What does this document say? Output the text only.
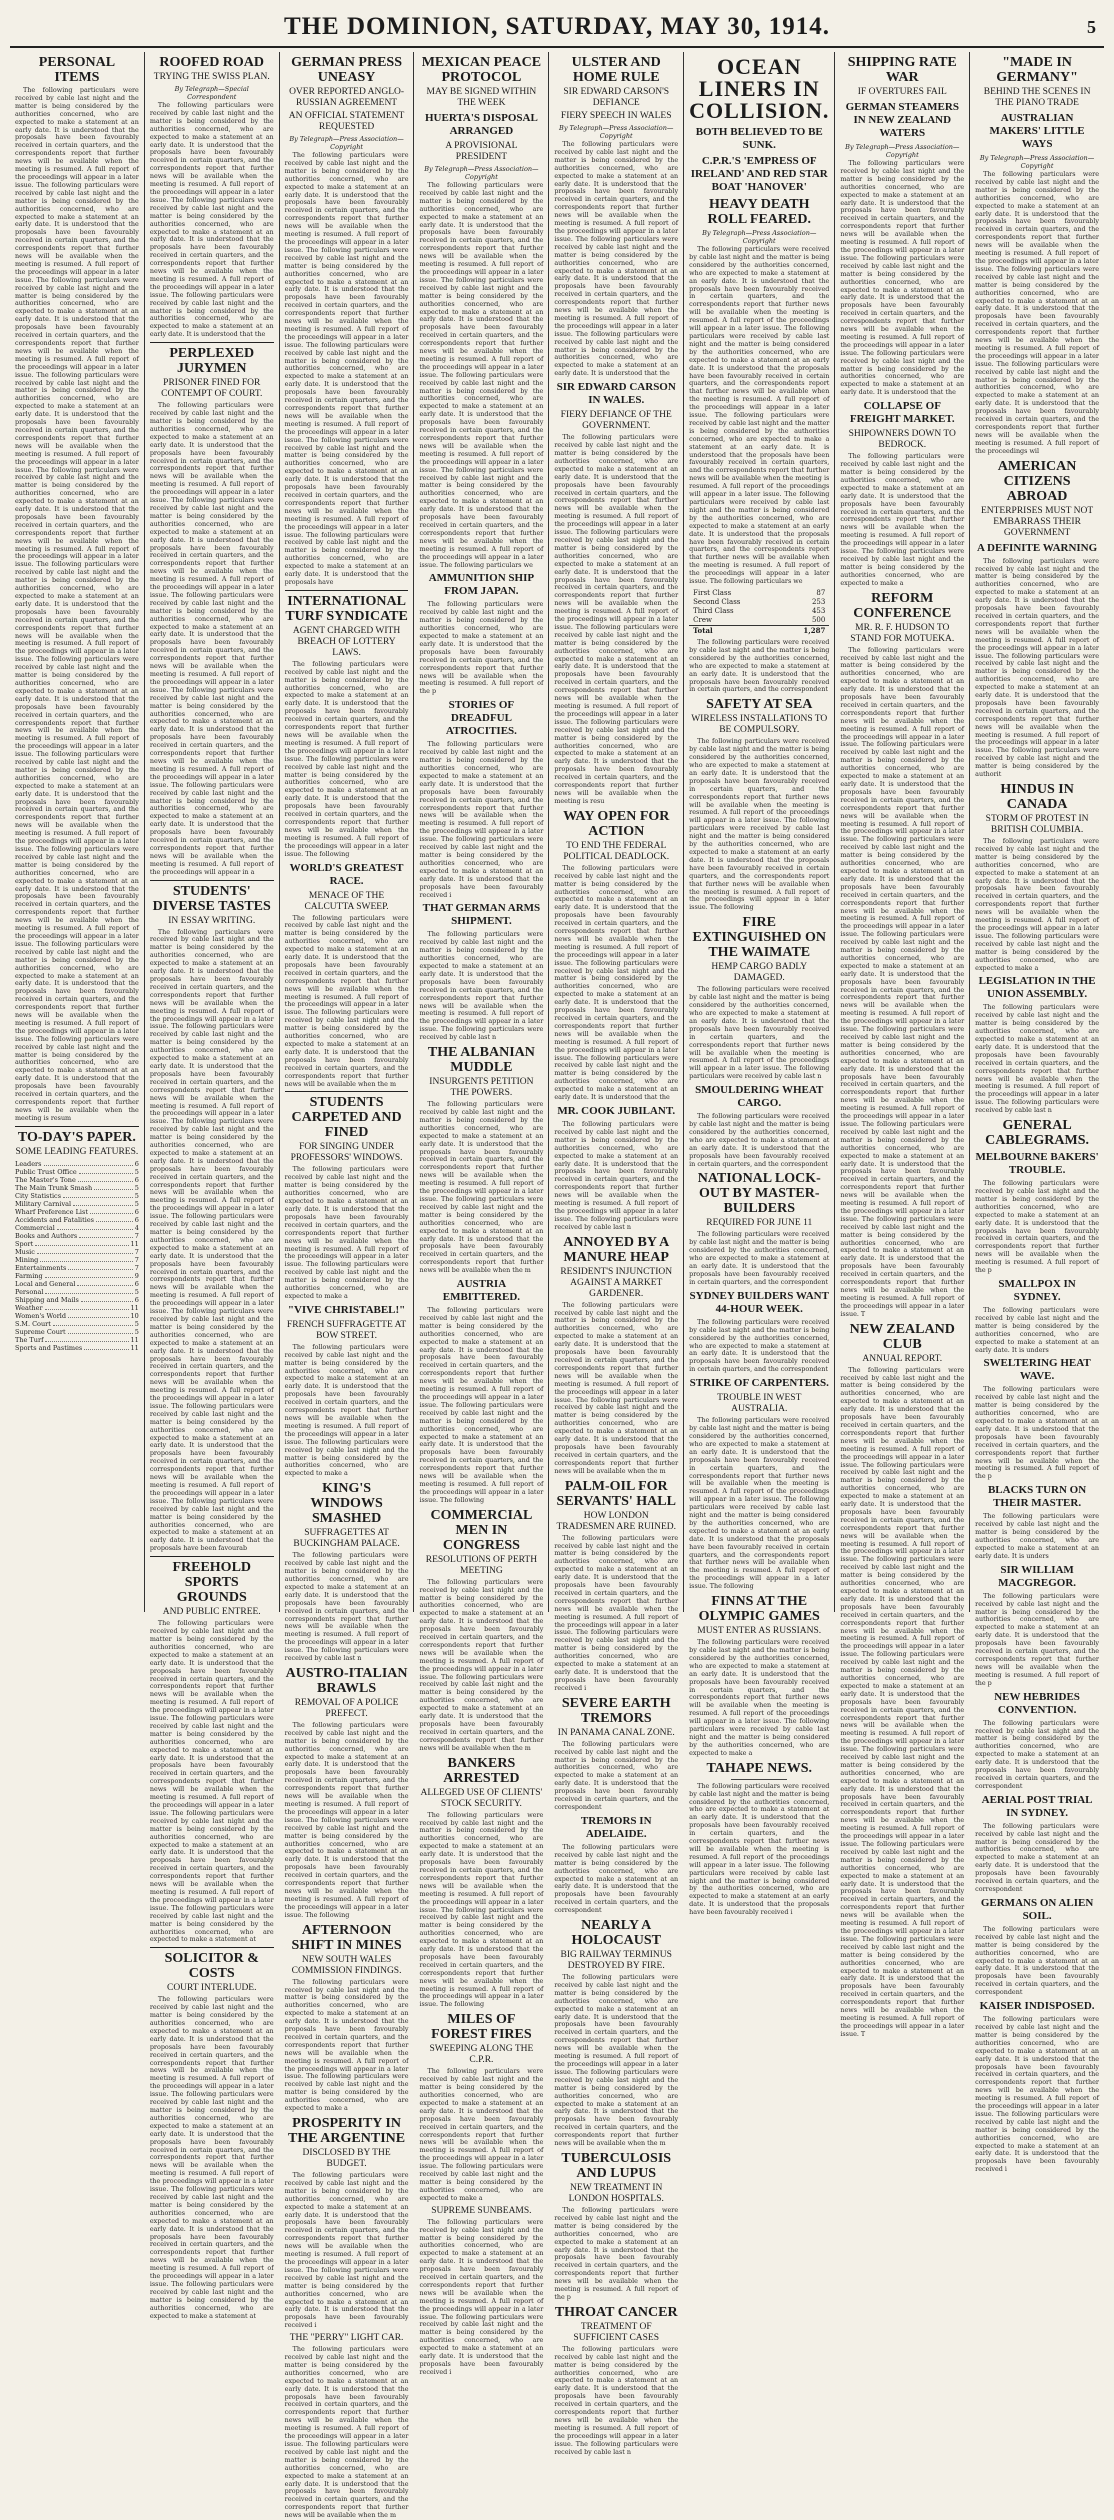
THE DOMINION, SATURDAY, MAY 30, 1914.	5
PERSONAL ITEMS

The following particulars were received by cable last night and the matter is being considered by the authorities concerned, who are expected to make a statement at an early date. It is understood that the proposals have been favourably received in certain quarters, and the correspondents report that further news will be available when the meeting is resumed. A full report of the proceedings will appear in a later issue. The following particulars were received by cable last night and the matter is being considered by the authorities concerned, who are expected to make a statement at an early date. It is understood that the proposals have been favourably received in certain quarters, and the correspondents report that further news will be available when the meeting is resumed. A full report of the proceedings will appear in a later issue. The following particulars were received by cable last night and the matter is being considered by the authorities concerned, who are expected to make a statement at an early date. It is understood that the proposals have been favourably received in certain quarters, and the correspondents report that further news will be available when the meeting is resumed. A full report of the proceedings will appear in a later issue. The following particulars were received by cable last night and the matter is being considered by the authorities concerned, who are expected to make a statement at an early date. It is understood that the proposals have been favourably received in certain quarters, and the correspondents report that further news will be available when the meeting is resumed. A full report of the proceedings will appear in a later issue. The following particulars were received by cable last night and the matter is being considered by the authorities concerned, who are expected to make a statement at an early date. It is understood that the proposals have been favourably received in certain quarters, and the correspondents report that further news will be available when the meeting is resumed. A full report of the proceedings will appear in a later issue. The following particulars were received by cable last night and the matter is being considered by the authorities concerned, who are expected to make a statement at an early date. It is understood that the proposals have been favourably received in certain quarters, and the correspondents report that further news will be available when the meeting is resumed. A full report of the proceedings will appear in a later issue. The following particulars were received by cable last night and the matter is being considered by the authorities concerned, who are expected to make a statement at an early date. It is understood that the proposals have been favourably received in certain quarters, and the correspondents report that further news will be available when the meeting is resumed. A full report of the proceedings will appear in a later issue. The following particulars were received by cable last night and the matter is being considered by the authorities concerned, who are expected to make a statement at an early date. It is understood that the proposals have been favourably received in certain quarters, and the correspondents report that further news will be available when the meeting is resumed. A full report of the proceedings will appear in a later issue. The following particulars were received by cable last night and the matter is being considered by the authorities concerned, who are expected to make a statement at an early date. It is understood that the proposals have been favourably received in certain quarters, and the correspondents report that further news will be available when the meeting is resumed. A full report of the proceedings will appear in a later issue. The following particulars were received by cable last night and the matter is being considered by the authorities concerned, who are expected to make a statement at an early date. It is understood that the proposals have been favourably received in certain quarters, and the correspondents report that further news will be available when the meeting is resumed. A full report of the proceedings will appear in a later issue. The following particulars were received by cable last night and the matter is being considered by the authorities concerned, who are expected to make a statement at an early date. It is understood that the proposals have been favourably received in certain quarters, and the correspondents report that further news will be available when the meeting is resum

TO-DAY'S PAPER.
SOME LEADING FEATURES.
Leaders	6
Public Trust Office	5
The Master's Tone	6
The Main Trunk Smash	5
City Statistics	5
Military Carnival	5
Wharf Preference List	6
Accidents and Fatalities	6
Commercial	4
Books and Authors	7
Sport	11
Music	7
Mining	7
Entertainments	7
Farming	9
Local and General	6
Personal	5
Shipping and Mails	6
Weather	11
Women's World	10
S.M. Court	5
Supreme Court	5
The Turf	11
Sports and Pastimes	11
ROOFED ROAD
TRYING THE SWISS PLAN.
By Telegraph—Special Correspondent

The following particulars were received by cable last night and the matter is being considered by the authorities concerned, who are expected to make a statement at an early date. It is understood that the proposals have been favourably received in certain quarters, and the correspondents report that further news will be available when the meeting is resumed. A full report of the proceedings will appear in a later issue. The following particulars were received by cable last night and the matter is being considered by the authorities concerned, who are expected to make a statement at an early date. It is understood that the proposals have been favourably received in certain quarters, and the correspondents report that further news will be available when the meeting is resumed. A full report of the proceedings will appear in a later issue. The following particulars were received by cable last night and the matter is being considered by the authorities concerned, who are expected to make a statement at an early date. It is understood that the

PERPLEXED JURYMEN
PRISONER FINED FOR CONTEMPT OF COURT.

The following particulars were received by cable last night and the matter is being considered by the authorities concerned, who are expected to make a statement at an early date. It is understood that the proposals have been favourably received in certain quarters, and the correspondents report that further news will be available when the meeting is resumed. A full report of the proceedings will appear in a later issue. The following particulars were received by cable last night and the matter is being considered by the authorities concerned, who are expected to make a statement at an early date. It is understood that the proposals have been favourably received in certain quarters, and the correspondents report that further news will be available when the meeting is resumed. A full report of the proceedings will appear in a later issue. The following particulars were received by cable last night and the matter is being considered by the authorities concerned, who are expected to make a statement at an early date. It is understood that the proposals have been favourably received in certain quarters, and the correspondents report that further news will be available when the meeting is resumed. A full report of the proceedings will appear in a later issue. The following particulars were received by cable last night and the matter is being considered by the authorities concerned, who are expected to make a statement at an early date. It is understood that the proposals have been favourably received in certain quarters, and the correspondents report that further news will be available when the meeting is resumed. A full report of the proceedings will appear in a later issue. The following particulars were received by cable last night and the matter is being considered by the authorities concerned, who are expected to make a statement at an early date. It is understood that the proposals have been favourably received in certain quarters, and the correspondents report that further news will be available when the meeting is resumed. A full report of the proceedings will appear in a

STUDENTS' DIVERSE TASTES
IN ESSAY WRITING.

The following particulars were received by cable last night and the matter is being considered by the authorities concerned, who are expected to make a statement at an early date. It is understood that the proposals have been favourably received in certain quarters, and the correspondents report that further news will be available when the meeting is resumed. A full report of the proceedings will appear in a later issue. The following particulars were received by cable last night and the matter is being considered by the authorities concerned, who are expected to make a statement at an early date. It is understood that the proposals have been favourably received in certain quarters, and the correspondents report that further news will be available when the meeting is resumed. A full report of the proceedings will appear in a later issue. The following particulars were received by cable last night and the matter is being considered by the authorities concerned, who are expected to make a statement at an early date. It is understood that the proposals have been favourably received in certain quarters, and the correspondents report that further news will be available when the meeting is resumed. A full report of the proceedings will appear in a later issue. The following particulars were received by cable last night and the matter is being considered by the authorities concerned, who are expected to make a statement at an early date. It is understood that the proposals have been favourably received in certain quarters, and the correspondents report that further news will be available when the meeting is resumed. A full report of the proceedings will appear in a later issue. The following particulars were received by cable last night and the matter is being considered by the authorities concerned, who are expected to make a statement at an early date. It is understood that the proposals have been favourably received in certain quarters, and the correspondents report that further news will be available when the meeting is resumed. A full report of the proceedings will appear in a later issue. The following particulars were received by cable last night and the matter is being considered by the authorities concerned, who are expected to make a statement at an early date. It is understood that the proposals have been favourably received in certain quarters, and the correspondents report that further news will be available when the meeting is resumed. A full report of the proceedings will appear in a later issue. The following particulars were received by cable last night and the matter is being considered by the authorities concerned, who are expected to make a statement at an early date. It is understood that the proposals have been favourab

FREEHOLD SPORTS GROUNDS
AND PUBLIC ENTREE.

The following particulars were received by cable last night and the matter is being considered by the authorities concerned, who are expected to make a statement at an early date. It is understood that the proposals have been favourably received in certain quarters, and the correspondents report that further news will be available when the meeting is resumed. A full report of the proceedings will appear in a later issue. The following particulars were received by cable last night and the matter is being considered by the authorities concerned, who are expected to make a statement at an early date. It is understood that the proposals have been favourably received in certain quarters, and the correspondents report that further news will be available when the meeting is resumed. A full report of the proceedings will appear in a later issue. The following particulars were received by cable last night and the matter is being considered by the authorities concerned, who are expected to make a statement at an early date. It is understood that the proposals have been favourably received in certain quarters, and the correspondents report that further news will be available when the meeting is resumed. A full report of the proceedings will appear in a later issue. The following particulars were received by cable last night and the matter is being considered by the authorities concerned, who are expected to make a statement at

SOLICITOR & COSTS
COURT INTERLUDE.

The following particulars were received by cable last night and the matter is being considered by the authorities concerned, who are expected to make a statement at an early date. It is understood that the proposals have been favourably received in certain quarters, and the correspondents report that further news will be available when the meeting is resumed. A full report of the proceedings will appear in a later issue. The following particulars were received by cable last night and the matter is being considered by the authorities concerned, who are expected to make a statement at an early date. It is understood that the proposals have been favourably received in certain quarters, and the correspondents report that further news will be available when the meeting is resumed. A full report of the proceedings will appear in a later issue. The following particulars were received by cable last night and the matter is being considered by the authorities concerned, who are expected to make a statement at an early date. It is understood that the proposals have been favourably received in certain quarters, and the correspondents report that further news will be available when the meeting is resumed. A full report of the proceedings will appear in a later issue. The following particulars were received by cable last night and the matter is being considered by the authorities concerned, who are expected to make a statement at

GERMAN PRESS UNEASY
OVER REPORTED ANGLO-RUSSIAN AGREEMENT
AN OFFICIAL STATEMENT REQUESTED
By Telegraph—Press Association—Copyright

The following particulars were received by cable last night and the matter is being considered by the authorities concerned, who are expected to make a statement at an early date. It is understood that the proposals have been favourably received in certain quarters, and the correspondents report that further news will be available when the meeting is resumed. A full report of the proceedings will appear in a later issue. The following particulars were received by cable last night and the matter is being considered by the authorities concerned, who are expected to make a statement at an early date. It is understood that the proposals have been favourably received in certain quarters, and the correspondents report that further news will be available when the meeting is resumed. A full report of the proceedings will appear in a later issue. The following particulars were received by cable last night and the matter is being considered by the authorities concerned, who are expected to make a statement at an early date. It is understood that the proposals have been favourably received in certain quarters, and the correspondents report that further news will be available when the meeting is resumed. A full report of the proceedings will appear in a later issue. The following particulars were received by cable last night and the matter is being considered by the authorities concerned, who are expected to make a statement at an early date. It is understood that the proposals have been favourably received in certain quarters, and the correspondents report that further news will be available when the meeting is resumed. A full report of the proceedings will appear in a later issue. The following particulars were received by cable last night and the matter is being considered by the authorities concerned, who are expected to make a statement at an early date. It is understood that the proposals have

INTERNATIONAL TURF SYNDICATE
AGENT CHARGED WITH BREACH OF LOTTERY LAWS.

The following particulars were received by cable last night and the matter is being considered by the authorities concerned, who are expected to make a statement at an early date. It is understood that the proposals have been favourably received in certain quarters, and the correspondents report that further news will be available when the meeting is resumed. A full report of the proceedings will appear in a later issue. The following particulars were received by cable last night and the matter is being considered by the authorities concerned, who are expected to make a statement at an early date. It is understood that the proposals have been favourably received in certain quarters, and the correspondents report that further news will be available when the meeting is resumed. A full report of the proceedings will appear in a later issue. The following

WORLD'S GREATEST RACE.
MENACE OF THE CALCUTTA SWEEP.

The following particulars were received by cable last night and the matter is being considered by the authorities concerned, who are expected to make a statement at an early date. It is understood that the proposals have been favourably received in certain quarters, and the correspondents report that further news will be available when the meeting is resumed. A full report of the proceedings will appear in a later issue. The following particulars were received by cable last night and the matter is being considered by the authorities concerned, who are expected to make a statement at an early date. It is understood that the proposals have been favourably received in certain quarters, and the correspondents report that further news will be available when the m

STUDENTS CARPETED AND FINED
FOR SINGING UNDER PROFESSORS' WINDOWS.

The following particulars were received by cable last night and the matter is being considered by the authorities concerned, who are expected to make a statement at an early date. It is understood that the proposals have been favourably received in certain quarters, and the correspondents report that further news will be available when the meeting is resumed. A full report of the proceedings will appear in a later issue. The following particulars were received by cable last night and the matter is being considered by the authorities concerned, who are expected to make a

"VIVE CHRISTABEL!"
FRENCH SUFFRAGETTE AT BOW STREET.

The following particulars were received by cable last night and the matter is being considered by the authorities concerned, who are expected to make a statement at an early date. It is understood that the proposals have been favourably received in certain quarters, and the correspondents report that further news will be available when the meeting is resumed. A full report of the proceedings will appear in a later issue. The following particulars were received by cable last night and the matter is being considered by the authorities concerned, who are expected to make a

KING'S WINDOWS SMASHED
SUFFRAGETTES AT BUCKINGHAM PALACE.

The following particulars were received by cable last night and the matter is being considered by the authorities concerned, who are expected to make a statement at an early date. It is understood that the proposals have been favourably received in certain quarters, and the correspondents report that further news will be available when the meeting is resumed. A full report of the proceedings will appear in a later issue. The following particulars were received by cable last n

AUSTRO-ITALIAN BRAWLS
REMOVAL OF A POLICE PREFECT.

The following particulars were received by cable last night and the matter is being considered by the authorities concerned, who are expected to make a statement at an early date. It is understood that the proposals have been favourably received in certain quarters, and the correspondents report that further news will be available when the meeting is resumed. A full report of the proceedings will appear in a later issue. The following particulars were received by cable last night and the matter is being considered by the authorities concerned, who are expected to make a statement at an early date. It is understood that the proposals have been favourably received in certain quarters, and the correspondents report that further news will be available when the meeting is resumed. A full report of the proceedings will appear in a later issue. The following

AFTERNOON SHIFT IN MINES
NEW SOUTH WALES COMMISSION FINDINGS.

The following particulars were received by cable last night and the matter is being considered by the authorities concerned, who are expected to make a statement at an early date. It is understood that the proposals have been favourably received in certain quarters, and the correspondents report that further news will be available when the meeting is resumed. A full report of the proceedings will appear in a later issue. The following particulars were received by cable last night and the matter is being considered by the authorities concerned, who are expected to make a

PROSPERITY IN THE ARGENTINE
DISCLOSED BY THE BUDGET.

The following particulars were received by cable last night and the matter is being considered by the authorities concerned, who are expected to make a statement at an early date. It is understood that the proposals have been favourably received in certain quarters, and the correspondents report that further news will be available when the meeting is resumed. A full report of the proceedings will appear in a later issue. The following particulars were received by cable last night and the matter is being considered by the authorities concerned, who are expected to make a statement at an early date. It is understood that the proposals have been favourably received i

THE "PERRY" LIGHT CAR.

The following particulars were received by cable last night and the matter is being considered by the authorities concerned, who are expected to make a statement at an early date. It is understood that the proposals have been favourably received in certain quarters, and the correspondents report that further news will be available when the meeting is resumed. A full report of the proceedings will appear in a later issue. The following particulars were received by cable last night and the matter is being considered by the authorities concerned, who are expected to make a statement at an early date. It is understood that the proposals have been favourably received in certain quarters, and the correspondents report that further news will be available when the m

MEXICAN PEACE PROTOCOL
MAY BE SIGNED WITHIN THE WEEK
HUERTA'S DISPOSAL ARRANGED
A PROVISIONAL PRESIDENT
By Telegraph—Press Association—Copyright

The following particulars were received by cable last night and the matter is being considered by the authorities concerned, who are expected to make a statement at an early date. It is understood that the proposals have been favourably received in certain quarters, and the correspondents report that further news will be available when the meeting is resumed. A full report of the proceedings will appear in a later issue. The following particulars were received by cable last night and the matter is being considered by the authorities concerned, who are expected to make a statement at an early date. It is understood that the proposals have been favourably received in certain quarters, and the correspondents report that further news will be available when the meeting is resumed. A full report of the proceedings will appear in a later issue. The following particulars were received by cable last night and the matter is being considered by the authorities concerned, who are expected to make a statement at an early date. It is understood that the proposals have been favourably received in certain quarters, and the correspondents report that further news will be available when the meeting is resumed. A full report of the proceedings will appear in a later issue. The following particulars were received by cable last night and the matter is being considered by the authorities concerned, who are expected to make a statement at an early date. It is understood that the proposals have been favourably received in certain quarters, and the correspondents report that further news will be available when the meeting is resumed. A full report of the proceedings will appear in a later issue. The following particulars we

AMMUNITION SHIP FROM JAPAN.

The following particulars were received by cable last night and the matter is being considered by the authorities concerned, who are expected to make a statement at an early date. It is understood that the proposals have been favourably received in certain quarters, and the correspondents report that further news will be available when the meeting is resumed. A full report of the p

STORIES OF DREADFUL ATROCITIES.

The following particulars were received by cable last night and the matter is being considered by the authorities concerned, who are expected to make a statement at an early date. It is understood that the proposals have been favourably received in certain quarters, and the correspondents report that further news will be available when the meeting is resumed. A full report of the proceedings will appear in a later issue. The following particulars were received by cable last night and the matter is being considered by the authorities concerned, who are expected to make a statement at an early date. It is understood that the proposals have been favourably received i

THAT GERMAN ARMS SHIPMENT.

The following particulars were received by cable last night and the matter is being considered by the authorities concerned, who are expected to make a statement at an early date. It is understood that the proposals have been favourably received in certain quarters, and the correspondents report that further news will be available when the meeting is resumed. A full report of the proceedings will appear in a later issue. The following particulars were received by cable last n

THE ALBANIAN MUDDLE
INSURGENTS PETITION THE POWERS.

The following particulars were received by cable last night and the matter is being considered by the authorities concerned, who are expected to make a statement at an early date. It is understood that the proposals have been favourably received in certain quarters, and the correspondents report that further news will be available when the meeting is resumed. A full report of the proceedings will appear in a later issue. The following particulars were received by cable last night and the matter is being considered by the authorities concerned, who are expected to make a statement at an early date. It is understood that the proposals have been favourably received in certain quarters, and the correspondents report that further news will be available when the m

AUSTRIA EMBITTERED.

The following particulars were received by cable last night and the matter is being considered by the authorities concerned, who are expected to make a statement at an early date. It is understood that the proposals have been favourably received in certain quarters, and the correspondents report that further news will be available when the meeting is resumed. A full report of the proceedings will appear in a later issue. The following particulars were received by cable last night and the matter is being considered by the authorities concerned, who are expected to make a statement at an early date. It is understood that the proposals have been favourably received in certain quarters, and the correspondents report that further news will be available when the meeting is resumed. A full report of the proceedings will appear in a later issue. The following

COMMERCIAL MEN IN CONGRESS
RESOLUTIONS OF PERTH MEETING

The following particulars were received by cable last night and the matter is being considered by the authorities concerned, who are expected to make a statement at an early date. It is understood that the proposals have been favourably received in certain quarters, and the correspondents report that further news will be available when the meeting is resumed. A full report of the proceedings will appear in a later issue. The following particulars were received by cable last night and the matter is being considered by the authorities concerned, who are expected to make a statement at an early date. It is understood that the proposals have been favourably received in certain quarters, and the correspondents report that further news will be available when the m

BANKERS ARRESTED
ALLEGED USE OF CLIENTS' STOCK SECURITY.

The following particulars were received by cable last night and the matter is being considered by the authorities concerned, who are expected to make a statement at an early date. It is understood that the proposals have been favourably received in certain quarters, and the correspondents report that further news will be available when the meeting is resumed. A full report of the proceedings will appear in a later issue. The following particulars were received by cable last night and the matter is being considered by the authorities concerned, who are expected to make a statement at an early date. It is understood that the proposals have been favourably received in certain quarters, and the correspondents report that further news will be available when the meeting is resumed. A full report of the proceedings will appear in a later issue. The following

MILES OF FOREST FIRES
SWEEPING ALONG THE C.P.R.

The following particulars were received by cable last night and the matter is being considered by the authorities concerned, who are expected to make a statement at an early date. It is understood that the proposals have been favourably received in certain quarters, and the correspondents report that further news will be available when the meeting is resumed. A full report of the proceedings will appear in a later issue. The following particulars were received by cable last night and the matter is being considered by the authorities concerned, who are expected to make a

SUPREME SUNBEAMS.

The following particulars were received by cable last night and the matter is being considered by the authorities concerned, who are expected to make a statement at an early date. It is understood that the proposals have been favourably received in certain quarters, and the correspondents report that further news will be available when the meeting is resumed. A full report of the proceedings will appear in a later issue. The following particulars were received by cable last night and the matter is being considered by the authorities concerned, who are expected to make a statement at an early date. It is understood that the proposals have been favourably received i

ULSTER AND HOME RULE
SIR EDWARD CARSON'S DEFIANCE
FIERY SPEECH IN WALES
By Telegraph—Press Association—Copyright

The following particulars were received by cable last night and the matter is being considered by the authorities concerned, who are expected to make a statement at an early date. It is understood that the proposals have been favourably received in certain quarters, and the correspondents report that further news will be available when the meeting is resumed. A full report of the proceedings will appear in a later issue. The following particulars were received by cable last night and the matter is being considered by the authorities concerned, who are expected to make a statement at an early date. It is understood that the proposals have been favourably received in certain quarters, and the correspondents report that further news will be available when the meeting is resumed. A full report of the proceedings will appear in a later issue. The following particulars were received by cable last night and the matter is being considered by the authorities concerned, who are expected to make a statement at an early date. It is understood that the

SIR EDWARD CARSON IN WALES.
FIERY DEFIANCE OF THE GOVERNMENT.

The following particulars were received by cable last night and the matter is being considered by the authorities concerned, who are expected to make a statement at an early date. It is understood that the proposals have been favourably received in certain quarters, and the correspondents report that further news will be available when the meeting is resumed. A full report of the proceedings will appear in a later issue. The following particulars were received by cable last night and the matter is being considered by the authorities concerned, who are expected to make a statement at an early date. It is understood that the proposals have been favourably received in certain quarters, and the correspondents report that further news will be available when the meeting is resumed. A full report of the proceedings will appear in a later issue. The following particulars were received by cable last night and the matter is being considered by the authorities concerned, who are expected to make a statement at an early date. It is understood that the proposals have been favourably received in certain quarters, and the correspondents report that further news will be available when the meeting is resumed. A full report of the proceedings will appear in a later issue. The following particulars were received by cable last night and the matter is being considered by the authorities concerned, who are expected to make a statement at an early date. It is understood that the proposals have been favourably received in certain quarters, and the correspondents report that further news will be available when the meeting is resu

WAY OPEN FOR ACTION
TO END THE FEDERAL POLITICAL DEADLOCK.

The following particulars were received by cable last night and the matter is being considered by the authorities concerned, who are expected to make a statement at an early date. It is understood that the proposals have been favourably received in certain quarters, and the correspondents report that further news will be available when the meeting is resumed. A full report of the proceedings will appear in a later issue. The following particulars were received by cable last night and the matter is being considered by the authorities concerned, who are expected to make a statement at an early date. It is understood that the proposals have been favourably received in certain quarters, and the correspondents report that further news will be available when the meeting is resumed. A full report of the proceedings will appear in a later issue. The following particulars were received by cable last night and the matter is being considered by the authorities concerned, who are expected to make a statement at an early date. It is understood that the

MR. COOK JUBILANT.

The following particulars were received by cable last night and the matter is being considered by the authorities concerned, who are expected to make a statement at an early date. It is understood that the proposals have been favourably received in certain quarters, and the correspondents report that further news will be available when the meeting is resumed. A full report of the proceedings will appear in a later issue. The following particulars were received by cable last n

ANNOYED BY A MANURE HEAP
RESIDENT'S INJUNCTION AGAINST A MARKET GARDENER.

The following particulars were received by cable last night and the matter is being considered by the authorities concerned, who are expected to make a statement at an early date. It is understood that the proposals have been favourably received in certain quarters, and the correspondents report that further news will be available when the meeting is resumed. A full report of the proceedings will appear in a later issue. The following particulars were received by cable last night and the matter is being considered by the authorities concerned, who are expected to make a statement at an early date. It is understood that the proposals have been favourably received in certain quarters, and the correspondents report that further news will be available when the m

PALM-OIL FOR SERVANTS' HALL
HOW LONDON TRADESMEN ARE RUINED.

The following particulars were received by cable last night and the matter is being considered by the authorities concerned, who are expected to make a statement at an early date. It is understood that the proposals have been favourably received in certain quarters, and the correspondents report that further news will be available when the meeting is resumed. A full report of the proceedings will appear in a later issue. The following particulars were received by cable last night and the matter is being considered by the authorities concerned, who are expected to make a statement at an early date. It is understood that the proposals have been favourably received i

SEVERE EARTH TREMORS
IN PANAMA CANAL ZONE.

The following particulars were received by cable last night and the matter is being considered by the authorities concerned, who are expected to make a statement at an early date. It is understood that the proposals have been favourably received in certain quarters, and the correspondent

TREMORS IN ADELAIDE.

The following particulars were received by cable last night and the matter is being considered by the authorities concerned, who are expected to make a statement at an early date. It is understood that the proposals have been favourably received in certain quarters, and the correspondent

NEARLY A HOLOCAUST
BIG RAILWAY TERMINUS DESTROYED BY FIRE.

The following particulars were received by cable last night and the matter is being considered by the authorities concerned, who are expected to make a statement at an early date. It is understood that the proposals have been favourably received in certain quarters, and the correspondents report that further news will be available when the meeting is resumed. A full report of the proceedings will appear in a later issue. The following particulars were received by cable last night and the matter is being considered by the authorities concerned, who are expected to make a statement at an early date. It is understood that the proposals have been favourably received in certain quarters, and the correspondents report that further news will be available when the m

TUBERCULOSIS AND LUPUS
NEW TREATMENT IN LONDON HOSPITALS.

The following particulars were received by cable last night and the matter is being considered by the authorities concerned, who are expected to make a statement at an early date. It is understood that the proposals have been favourably received in certain quarters, and the correspondents report that further news will be available when the meeting is resumed. A full report of the p

THROAT CANCER
TREATMENT OF SUFFICIENT CASES

The following particulars were received by cable last night and the matter is being considered by the authorities concerned, who are expected to make a statement at an early date. It is understood that the proposals have been favourably received in certain quarters, and the correspondents report that further news will be available when the meeting is resumed. A full report of the proceedings will appear in a later issue. The following particulars were received by cable last n

OCEAN LINERS IN COLLISION.
BOTH BELIEVED TO BE SUNK.
C.P.R.'S 'EMPRESS OF IRELAND' AND RED STAR BOAT 'HANOVER'
HEAVY DEATH ROLL FEARED.
By Telegraph—Press Association—Copyright

The following particulars were received by cable last night and the matter is being considered by the authorities concerned, who are expected to make a statement at an early date. It is understood that the proposals have been favourably received in certain quarters, and the correspondents report that further news will be available when the meeting is resumed. A full report of the proceedings will appear in a later issue. The following particulars were received by cable last night and the matter is being considered by the authorities concerned, who are expected to make a statement at an early date. It is understood that the proposals have been favourably received in certain quarters, and the correspondents report that further news will be available when the meeting is resumed. A full report of the proceedings will appear in a later issue. The following particulars were received by cable last night and the matter is being considered by the authorities concerned, who are expected to make a statement at an early date. It is understood that the proposals have been favourably received in certain quarters, and the correspondents report that further news will be available when the meeting is resumed. A full report of the proceedings will appear in a later issue. The following particulars were received by cable last night and the matter is being considered by the authorities concerned, who are expected to make a statement at an early date. It is understood that the proposals have been favourably received in certain quarters, and the correspondents report that further news will be available when the meeting is resumed. A full report of the proceedings will appear in a later issue. The following particulars we

First Class	87
Second Class	253
Third Class	453
Crew	500
Total	1,287

The following particulars were received by cable last night and the matter is being considered by the authorities concerned, who are expected to make a statement at an early date. It is understood that the proposals have been favourably received in certain quarters, and the correspondent

SAFETY AT SEA
WIRELESS INSTALLATIONS TO BE COMPULSORY.

The following particulars were received by cable last night and the matter is being considered by the authorities concerned, who are expected to make a statement at an early date. It is understood that the proposals have been favourably received in certain quarters, and the correspondents report that further news will be available when the meeting is resumed. A full report of the proceedings will appear in a later issue. The following particulars were received by cable last night and the matter is being considered by the authorities concerned, who are expected to make a statement at an early date. It is understood that the proposals have been favourably received in certain quarters, and the correspondents report that further news will be available when the meeting is resumed. A full report of the proceedings will appear in a later issue. The following

FIRE EXTINGUISHED ON THE WAIMATE
HEMP CARGO BADLY DAMAGED.

The following particulars were received by cable last night and the matter is being considered by the authorities concerned, who are expected to make a statement at an early date. It is understood that the proposals have been favourably received in certain quarters, and the correspondents report that further news will be available when the meeting is resumed. A full report of the proceedings will appear in a later issue. The following particulars were received by cable last n

SMOULDERING WHEAT CARGO.

The following particulars were received by cable last night and the matter is being considered by the authorities concerned, who are expected to make a statement at an early date. It is understood that the proposals have been favourably received in certain quarters, and the correspondent

NATIONAL LOCK-OUT BY MASTER-BUILDERS
REQUIRED FOR JUNE 11

The following particulars were received by cable last night and the matter is being considered by the authorities concerned, who are expected to make a statement at an early date. It is understood that the proposals have been favourably received in certain quarters, and the correspondent

SYDNEY BUILDERS WANT 44-HOUR WEEK.

The following particulars were received by cable last night and the matter is being considered by the authorities concerned, who are expected to make a statement at an early date. It is understood that the proposals have been favourably received in certain quarters, and the correspondent

STRIKE OF CARPENTERS.
TROUBLE IN WEST AUSTRALIA.

The following particulars were received by cable last night and the matter is being considered by the authorities concerned, who are expected to make a statement at an early date. It is understood that the proposals have been favourably received in certain quarters, and the correspondents report that further news will be available when the meeting is resumed. A full report of the proceedings will appear in a later issue. The following particulars were received by cable last night and the matter is being considered by the authorities concerned, who are expected to make a statement at an early date. It is understood that the proposals have been favourably received in certain quarters, and the correspondents report that further news will be available when the meeting is resumed. A full report of the proceedings will appear in a later issue. The following

FINNS AT THE OLYMPIC GAMES
MUST ENTER AS RUSSIANS.

The following particulars were received by cable last night and the matter is being considered by the authorities concerned, who are expected to make a statement at an early date. It is understood that the proposals have been favourably received in certain quarters, and the correspondents report that further news will be available when the meeting is resumed. A full report of the proceedings will appear in a later issue. The following particulars were received by cable last night and the matter is being considered by the authorities concerned, who are expected to make a

TAHAPE NEWS.

The following particulars were received by cable last night and the matter is being considered by the authorities concerned, who are expected to make a statement at an early date. It is understood that the proposals have been favourably received in certain quarters, and the correspondents report that further news will be available when the meeting is resumed. A full report of the proceedings will appear in a later issue. The following particulars were received by cable last night and the matter is being considered by the authorities concerned, who are expected to make a statement at an early date. It is understood that the proposals have been favourably received i

SHIPPING RATE WAR
IF OVERTURES FAIL
GERMAN STEAMERS IN NEW ZEALAND WATERS
By Telegraph—Press Association—Copyright

The following particulars were received by cable last night and the matter is being considered by the authorities concerned, who are expected to make a statement at an early date. It is understood that the proposals have been favourably received in certain quarters, and the correspondents report that further news will be available when the meeting is resumed. A full report of the proceedings will appear in a later issue. The following particulars were received by cable last night and the matter is being considered by the authorities concerned, who are expected to make a statement at an early date. It is understood that the proposals have been favourably received in certain quarters, and the correspondents report that further news will be available when the meeting is resumed. A full report of the proceedings will appear in a later issue. The following particulars were received by cable last night and the matter is being considered by the authorities concerned, who are expected to make a statement at an early date. It is understood that the

COLLAPSE OF FREIGHT MARKET.
SHIPOWNERS DOWN TO BEDROCK.

The following particulars were received by cable last night and the matter is being considered by the authorities concerned, who are expected to make a statement at an early date. It is understood that the proposals have been favourably received in certain quarters, and the correspondents report that further news will be available when the meeting is resumed. A full report of the proceedings will appear in a later issue. The following particulars were received by cable last night and the matter is being considered by the authorities concerned, who are expected to make a

REFORM CONFERENCE
MR. R. F. HUDSON TO STAND FOR MOTUEKA.

The following particulars were received by cable last night and the matter is being considered by the authorities concerned, who are expected to make a statement at an early date. It is understood that the proposals have been favourably received in certain quarters, and the correspondents report that further news will be available when the meeting is resumed. A full report of the proceedings will appear in a later issue. The following particulars were received by cable last night and the matter is being considered by the authorities concerned, who are expected to make a statement at an early date. It is understood that the proposals have been favourably received in certain quarters, and the correspondents report that further news will be available when the meeting is resumed. A full report of the proceedings will appear in a later issue. The following particulars were received by cable last night and the matter is being considered by the authorities concerned, who are expected to make a statement at an early date. It is understood that the proposals have been favourably received in certain quarters, and the correspondents report that further news will be available when the meeting is resumed. A full report of the proceedings will appear in a later issue. The following particulars were received by cable last night and the matter is being considered by the authorities concerned, who are expected to make a statement at an early date. It is understood that the proposals have been favourably received in certain quarters, and the correspondents report that further news will be available when the meeting is resumed. A full report of the proceedings will appear in a later issue. The following particulars were received by cable last night and the matter is being considered by the authorities concerned, who are expected to make a statement at an early date. It is understood that the proposals have been favourably received in certain quarters, and the correspondents report that further news will be available when the meeting is resumed. A full report of the proceedings will appear in a later issue. The following particulars were received by cable last night and the matter is being considered by the authorities concerned, who are expected to make a statement at an early date. It is understood that the proposals have been favourably received in certain quarters, and the correspondents report that further news will be available when the meeting is resumed. A full report of the proceedings will appear in a later issue. The following particulars were received by cable last night and the matter is being considered by the authorities concerned, who are expected to make a statement at an early date. It is understood that the proposals have been favourably received in certain quarters, and the correspondents report that further news will be available when the meeting is resumed. A full report of the proceedings will appear in a later issue. T

NEW ZEALAND CLUB
ANNUAL REPORT.

The following particulars were received by cable last night and the matter is being considered by the authorities concerned, who are expected to make a statement at an early date. It is understood that the proposals have been favourably received in certain quarters, and the correspondents report that further news will be available when the meeting is resumed. A full report of the proceedings will appear in a later issue. The following particulars were received by cable last night and the matter is being considered by the authorities concerned, who are expected to make a statement at an early date. It is understood that the proposals have been favourably received in certain quarters, and the correspondents report that further news will be available when the meeting is resumed. A full report of the proceedings will appear in a later issue. The following particulars were received by cable last night and the matter is being considered by the authorities concerned, who are expected to make a statement at an early date. It is understood that the proposals have been favourably received in certain quarters, and the correspondents report that further news will be available when the meeting is resumed. A full report of the proceedings will appear in a later issue. The following particulars were received by cable last night and the matter is being considered by the authorities concerned, who are expected to make a statement at an early date. It is understood that the proposals have been favourably received in certain quarters, and the correspondents report that further news will be available when the meeting is resumed. A full report of the proceedings will appear in a later issue. The following particulars were received by cable last night and the matter is being considered by the authorities concerned, who are expected to make a statement at an early date. It is understood that the proposals have been favourably received in certain quarters, and the correspondents report that further news will be available when the meeting is resumed. A full report of the proceedings will appear in a later issue. The following particulars were received by cable last night and the matter is being considered by the authorities concerned, who are expected to make a statement at an early date. It is understood that the proposals have been favourably received in certain quarters, and the correspondents report that further news will be available when the meeting is resumed. A full report of the proceedings will appear in a later issue. The following particulars were received by cable last night and the matter is being considered by the authorities concerned, who are expected to make a statement at an early date. It is understood that the proposals have been favourably received in certain quarters, and the correspondents report that further news will be available when the meeting is resumed. A full report of the proceedings will appear in a later issue. T

"MADE IN GERMANY"
BEHIND THE SCENES IN THE PIANO TRADE
AUSTRALIAN MAKERS' LITTLE WAYS
By Telegraph—Press Association—Copyright

The following particulars were received by cable last night and the matter is being considered by the authorities concerned, who are expected to make a statement at an early date. It is understood that the proposals have been favourably received in certain quarters, and the correspondents report that further news will be available when the meeting is resumed. A full report of the proceedings will appear in a later issue. The following particulars were received by cable last night and the matter is being considered by the authorities concerned, who are expected to make a statement at an early date. It is understood that the proposals have been favourably received in certain quarters, and the correspondents report that further news will be available when the meeting is resumed. A full report of the proceedings will appear in a later issue. The following particulars were received by cable last night and the matter is being considered by the authorities concerned, who are expected to make a statement at an early date. It is understood that the proposals have been favourably received in certain quarters, and the correspondents report that further news will be available when the meeting is resumed. A full report of the proceedings wil

AMERICAN CITIZENS ABROAD
ENTERPRISES MUST NOT EMBARRASS THEIR GOVERNMENT
A DEFINITE WARNING

The following particulars were received by cable last night and the matter is being considered by the authorities concerned, who are expected to make a statement at an early date. It is understood that the proposals have been favourably received in certain quarters, and the correspondents report that further news will be available when the meeting is resumed. A full report of the proceedings will appear in a later issue. The following particulars were received by cable last night and the matter is being considered by the authorities concerned, who are expected to make a statement at an early date. It is understood that the proposals have been favourably received in certain quarters, and the correspondents report that further news will be available when the meeting is resumed. A full report of the proceedings will appear in a later issue. The following particulars were received by cable last night and the matter is being considered by the authorit

HINDUS IN CANADA
STORM OF PROTEST IN BRITISH COLUMBIA.

The following particulars were received by cable last night and the matter is being considered by the authorities concerned, who are expected to make a statement at an early date. It is understood that the proposals have been favourably received in certain quarters, and the correspondents report that further news will be available when the meeting is resumed. A full report of the proceedings will appear in a later issue. The following particulars were received by cable last night and the matter is being considered by the authorities concerned, who are expected to make a

LEGISLATION IN THE UNION ASSEMBLY.

The following particulars were received by cable last night and the matter is being considered by the authorities concerned, who are expected to make a statement at an early date. It is understood that the proposals have been favourably received in certain quarters, and the correspondents report that further news will be available when the meeting is resumed. A full report of the proceedings will appear in a later issue. The following particulars were received by cable last n

GENERAL CABLEGRAMS.
MELBOURNE BAKERS' TROUBLE.

The following particulars were received by cable last night and the matter is being considered by the authorities concerned, who are expected to make a statement at an early date. It is understood that the proposals have been favourably received in certain quarters, and the correspondents report that further news will be available when the meeting is resumed. A full report of the p

SMALLPOX IN SYDNEY.

The following particulars were received by cable last night and the matter is being considered by the authorities concerned, who are expected to make a statement at an early date. It is unders

SWELTERING HEAT WAVE.

The following particulars were received by cable last night and the matter is being considered by the authorities concerned, who are expected to make a statement at an early date. It is understood that the proposals have been favourably received in certain quarters, and the correspondents report that further news will be available when the meeting is resumed. A full report of the p

BLACKS TURN ON THEIR MASTER.

The following particulars were received by cable last night and the matter is being considered by the authorities concerned, who are expected to make a statement at an early date. It is unders

SIR WILLIAM MACGREGOR.

The following particulars were received by cable last night and the matter is being considered by the authorities concerned, who are expected to make a statement at an early date. It is understood that the proposals have been favourably received in certain quarters, and the correspondents report that further news will be available when the meeting is resumed. A full report of the p

NEW HEBRIDES CONVENTION.

The following particulars were received by cable last night and the matter is being considered by the authorities concerned, who are expected to make a statement at an early date. It is understood that the proposals have been favourably received in certain quarters, and the correspondent

AERIAL POST TRIAL IN SYDNEY.

The following particulars were received by cable last night and the matter is being considered by the authorities concerned, who are expected to make a statement at an early date. It is understood that the proposals have been favourably received in certain quarters, and the correspondent

GERMANS ON ALIEN SOIL.

The following particulars were received by cable last night and the matter is being considered by the authorities concerned, who are expected to make a statement at an early date. It is understood that the proposals have been favourably received in certain quarters, and the correspondent

KAISER INDISPOSED.

The following particulars were received by cable last night and the matter is being considered by the authorities concerned, who are expected to make a statement at an early date. It is understood that the proposals have been favourably received in certain quarters, and the correspondents report that further news will be available when the meeting is resumed. A full report of the proceedings will appear in a later issue. The following particulars were received by cable last night and the matter is being considered by the authorities concerned, who are expected to make a statement at an early date. It is understood that the proposals have been favourably received i
